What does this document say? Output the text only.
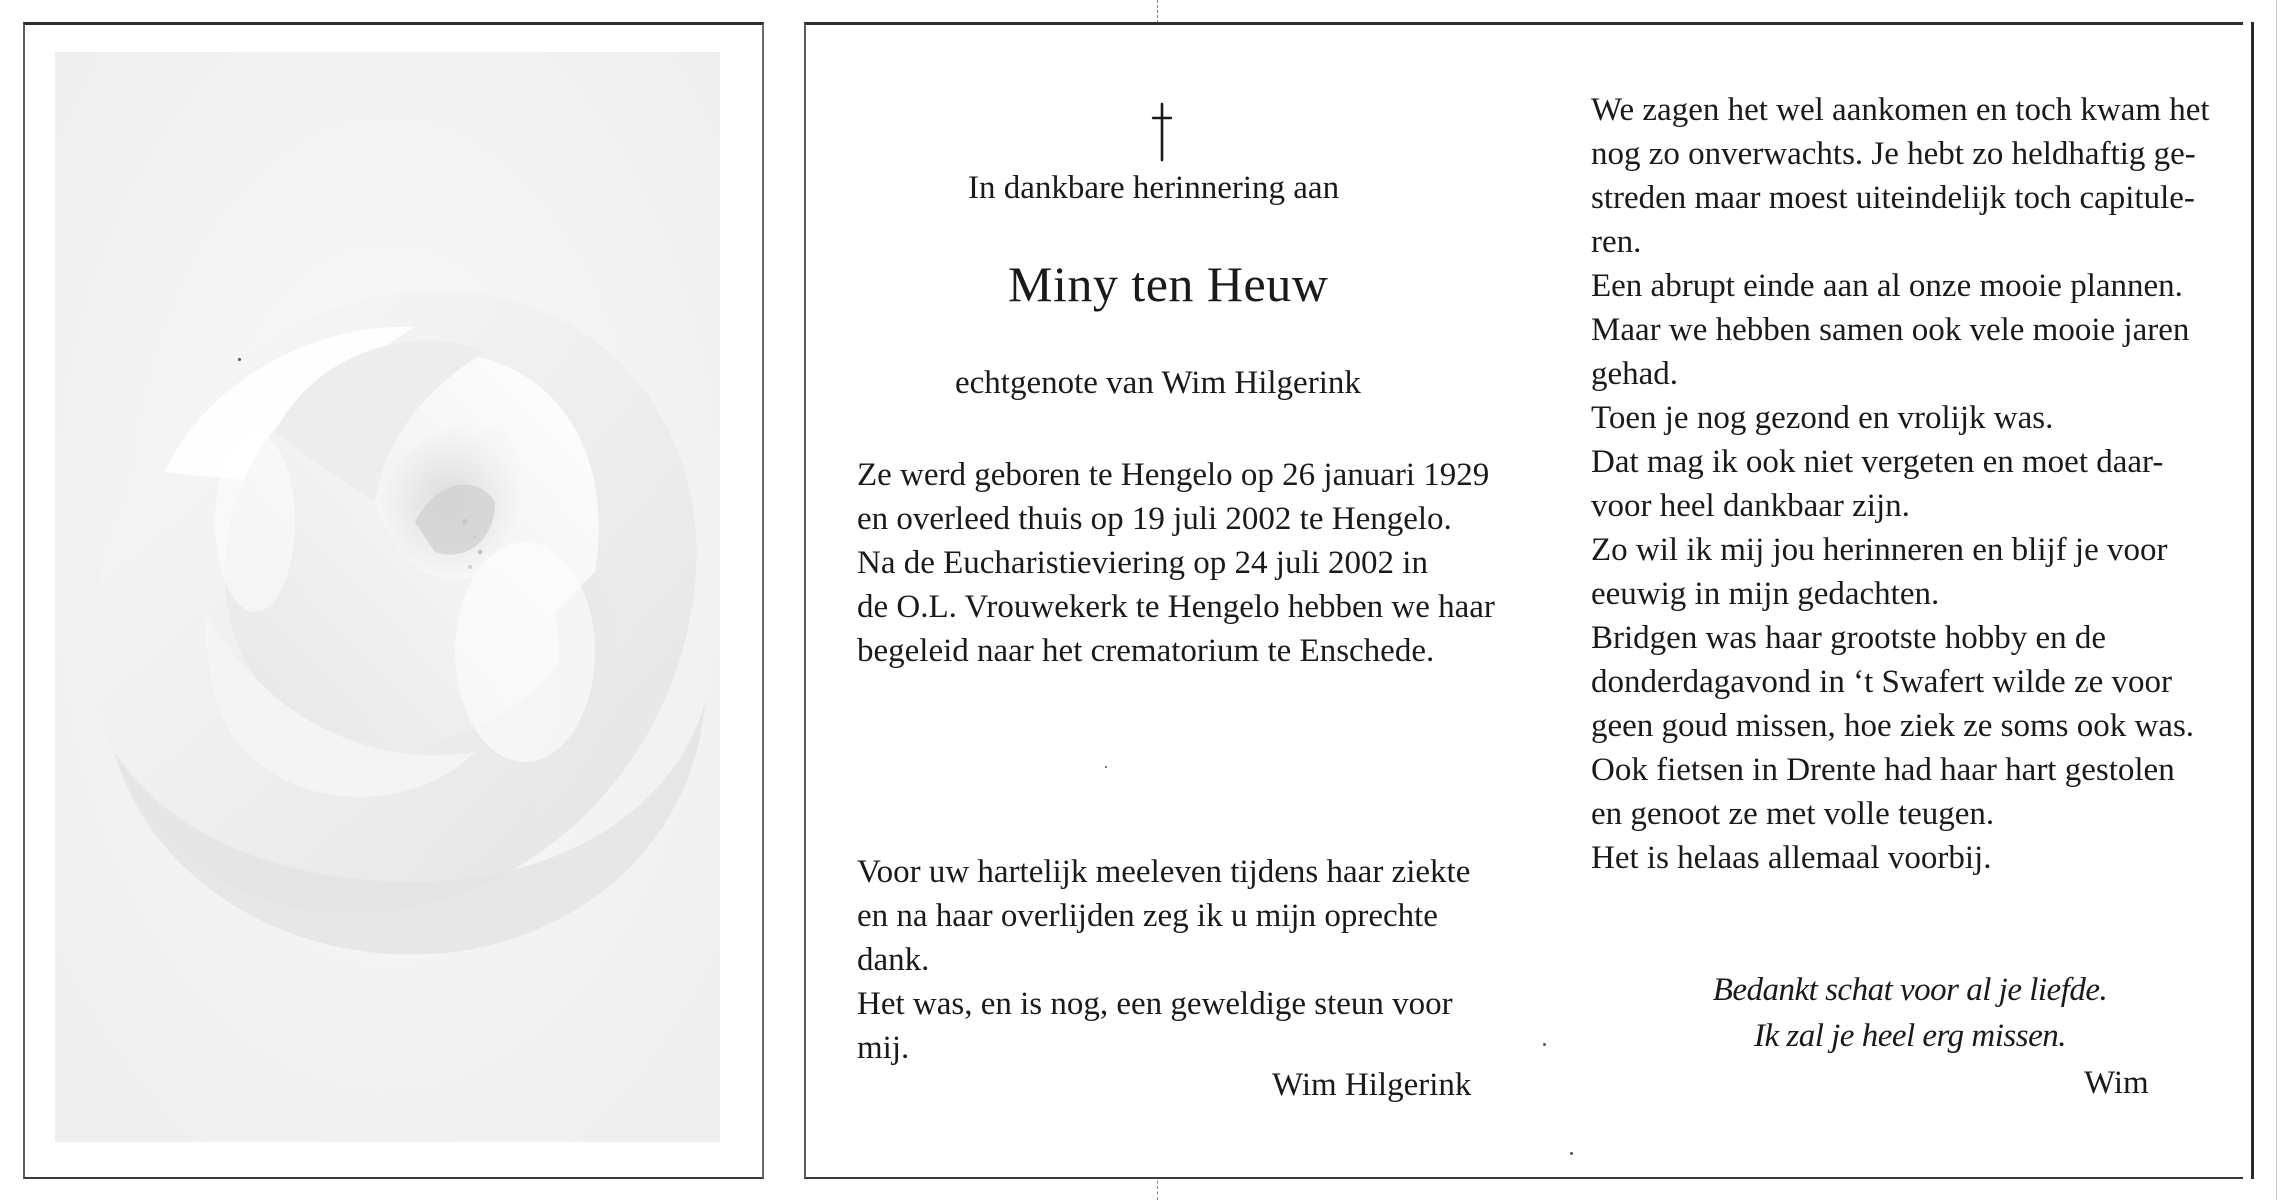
In dankbare herinnering aan
Miny ten Heuw
echtgenote van Wim Hilgerink
Ze werd geboren te Hengelo op 26 januari 1929
en overleed thuis op 19 juli 2002 te Hengelo.
Na de Eucharistieviering op 24 juli 2002 in
de O.L. Vrouwekerk te Hengelo hebben we haar
begeleid naar het crematorium te Enschede.
Voor uw hartelijk meeleven tijdens haar ziekte
en na haar overlijden zeg ik u mijn oprechte
dank.
Het was, en is nog, een geweldige steun voor
mij.
Wim Hilgerink
We zagen het wel aankomen en toch kwam het
nog zo onverwachts. Je hebt zo heldhaftig ge-
streden maar moest uiteindelijk toch capitule-
ren.
Een abrupt einde aan al onze mooie plannen.
Maar we hebben samen ook vele mooie jaren
gehad.
Toen je nog gezond en vrolijk was.
Dat mag ik ook niet vergeten en moet daar-
voor heel dankbaar zijn.
Zo wil ik mij jou herinneren en blijf je voor
eeuwig in mijn gedachten.
Bridgen was haar grootste hobby en de
donderdagavond in ‘t Swafert wilde ze voor
geen goud missen, hoe ziek ze soms ook was.
Ook fietsen in Drente had haar hart gestolen
en genoot ze met volle teugen.
Het is helaas allemaal voorbij.
Bedankt schat voor al je liefde.
Ik zal je heel erg missen.
Wim
